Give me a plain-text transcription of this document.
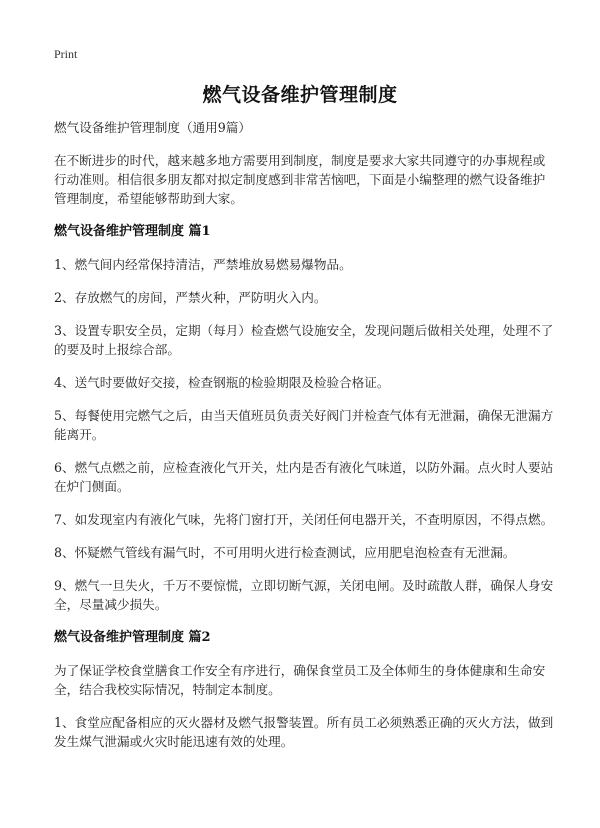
Print
燃气设备维护管理制度

燃气设备维护管理制度（通用9篇）

在不断进步的时代，越来越多地方需要用到制度，制度是要求大家共同遵守的办事规程或行动准则。相信很多朋友都对拟定制度感到非常苦恼吧，下面是小编整理的燃气设备维护管理制度，希望能够帮助到大家。

燃气设备维护管理制度 篇1

1、燃气间内经常保持清洁，严禁堆放易燃易爆物品。

2、存放燃气的房间，严禁火种，严防明火入内。

3、设置专职安全员，定期（每月）检查燃气设施安全，发现问题后做相关处理，处理不了的要及时上报综合部。

4、送气时要做好交接，检查钢瓶的检验期限及检验合格证。

5、每餐使用完燃气之后，由当天值班员负责关好阀门并检查气体有无泄漏，确保无泄漏方能离开。

6、燃气点燃之前，应检查液化气开关，灶内是否有液化气味道，以防外漏。点火时人要站在炉门侧面。

7、如发现室内有液化气味，先将门窗打开，关闭任何电器开关，不查明原因，不得点燃。

8、怀疑燃气管线有漏气时，不可用明火进行检查测试，应用肥皂泡检查有无泄漏。

9、燃气一旦失火，千万不要惊慌，立即切断气源，关闭电闸。及时疏散人群，确保人身安全，尽量减少损失。

燃气设备维护管理制度 篇2

为了保证学校食堂膳食工作安全有序进行，确保食堂员工及全体师生的身体健康和生命安全，结合我校实际情况，特制定本制度。

1、食堂应配备相应的灭火器材及燃气报警装置。所有员工必须熟悉正确的灭火方法，做到发生煤气泄漏或火灾时能迅速有效的处理。
